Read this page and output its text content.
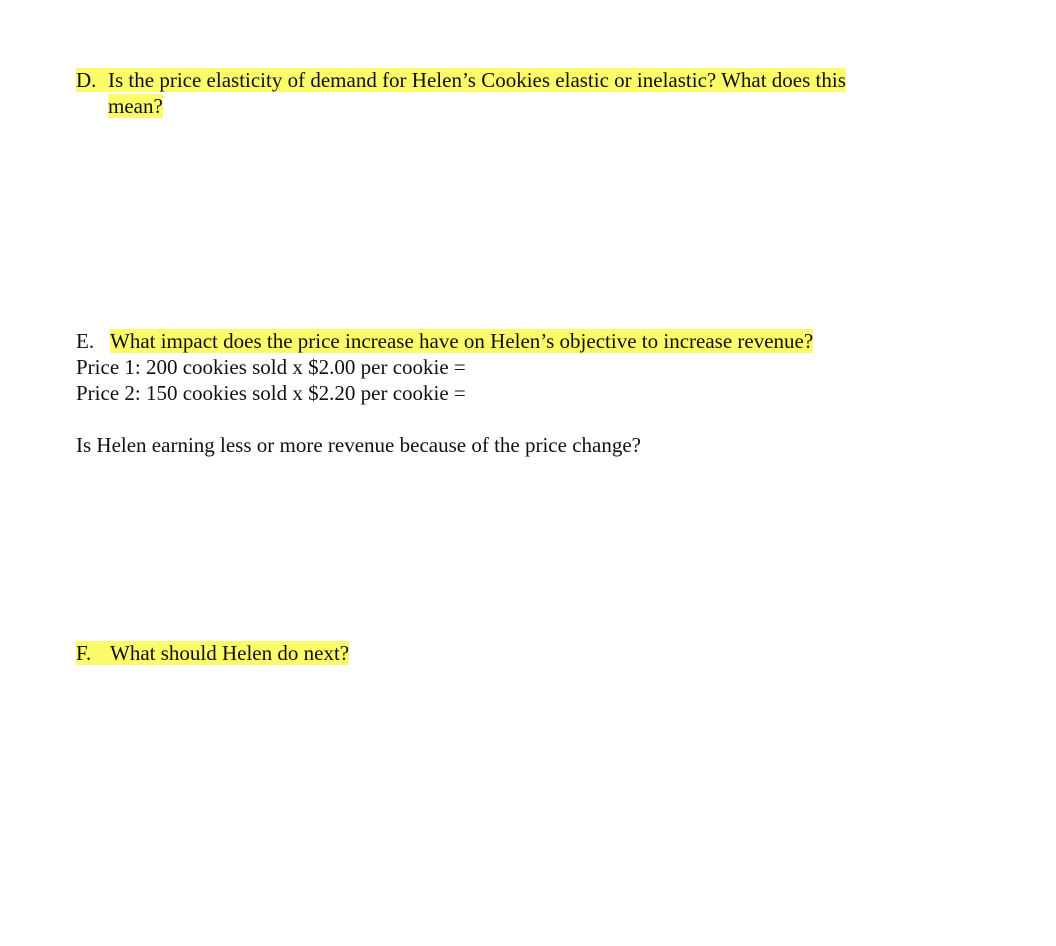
D. Is the price elasticity of demand for Helen’s Cookies elastic or inelastic? What does this
mean?
E. What impact does the price increase have on Helen’s objective to increase revenue?
Price 1: 200 cookies sold x $2.00 per cookie =
Price 2: 150 cookies sold x $2.20 per cookie =
Is Helen earning less or more revenue because of the price change?
F. What should Helen do next?
